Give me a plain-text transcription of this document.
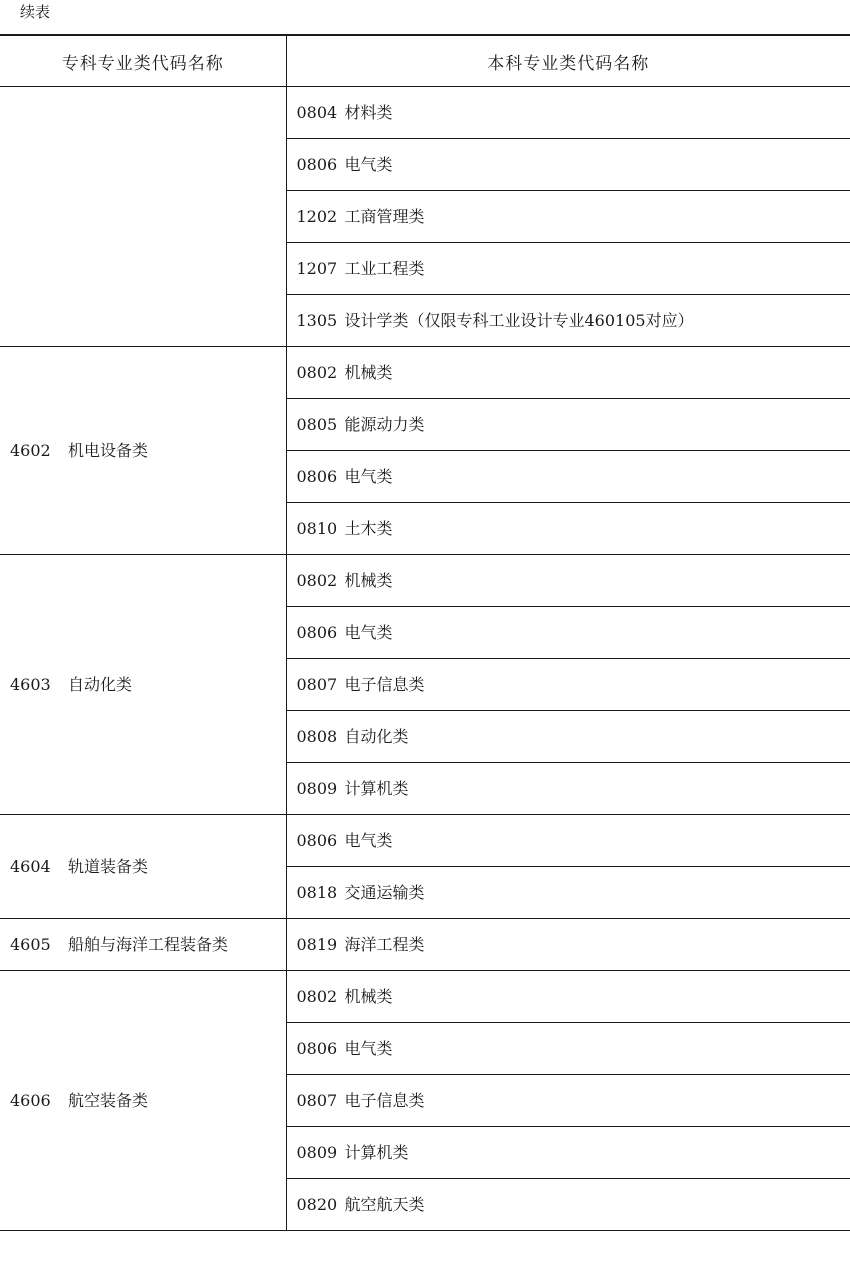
续表
专科专业类代码名称	本科专业类代码名称
	0804 材料类
	0806 电气类
	1202 工商管理类
	1207 工业工程类
	1305 设计学类（仅限专科工业设计专业460105对应）
4602 机电设备类	0802 机械类
	0805 能源动力类
	0806 电气类
	0810 土木类
4603 自动化类	0802 机械类
	0806 电气类
	0807 电子信息类
	0808 自动化类
	0809 计算机类
4604 轨道装备类	0806 电气类
	0818 交通运输类
4605 船舶与海洋工程装备类	0819 海洋工程类
4606 航空装备类	0802 机械类
	0806 电气类
	0807 电子信息类
	0809 计算机类
	0820 航空航天类
